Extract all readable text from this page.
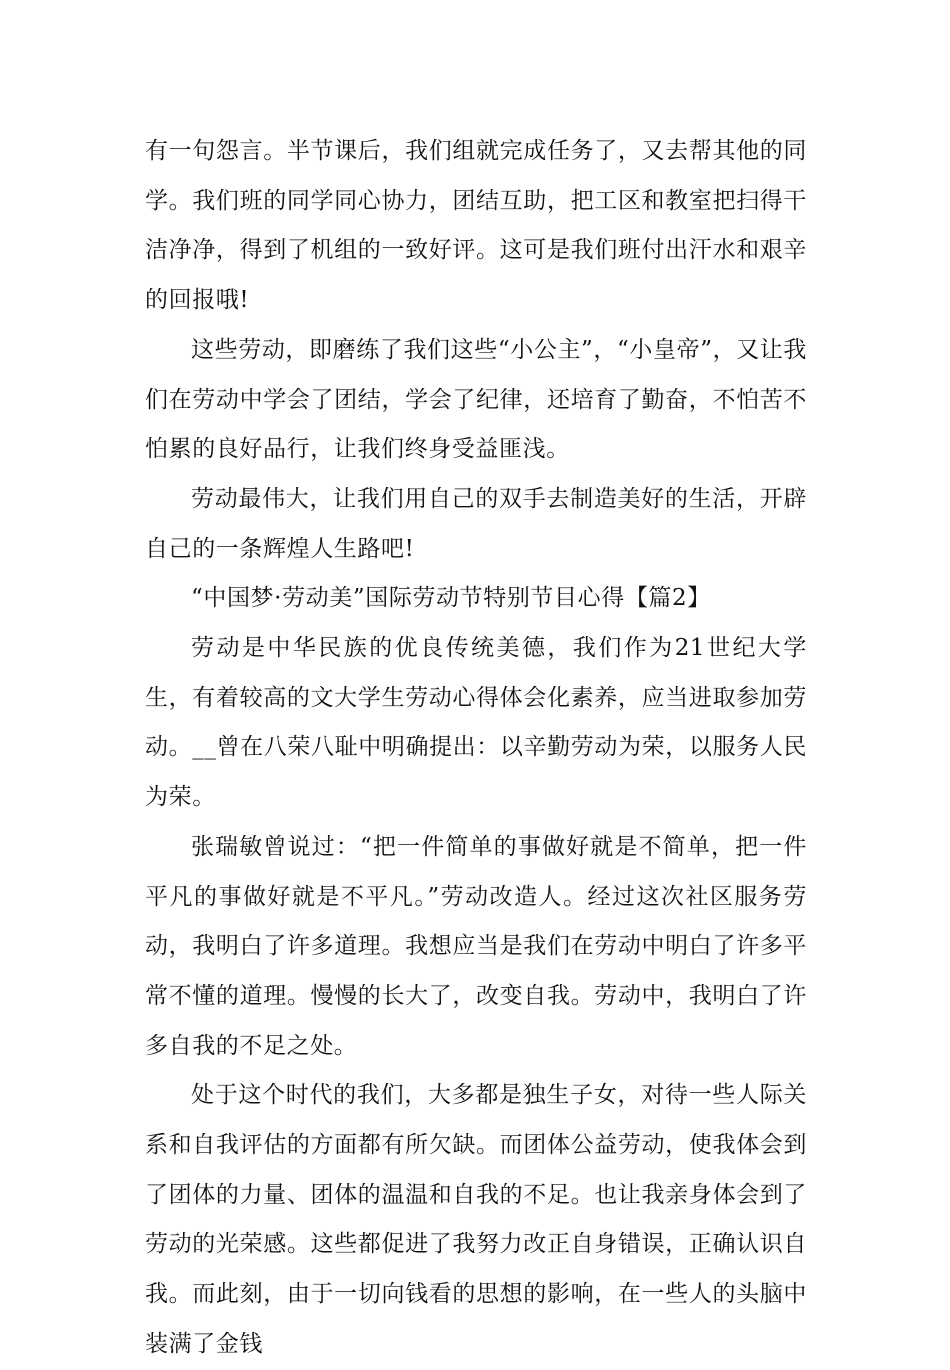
有一句怨言。半节课后，我们组就完成任务了，又去帮其他的同学。我们班的同学同心协力，团结互助，把工区和教室把扫得干洁净净，得到了机组的一致好评。这可是我们班付出汗水和艰辛的回报哦!

这些劳动，即磨练了我们这些“小公主”，“小皇帝”，又让我们在劳动中学会了团结，学会了纪律，还培育了勤奋，不怕苦不怕累的良好品行，让我们终身受益匪浅。

劳动最伟大，让我们用自己的双手去制造美好的生活，开辟自己的一条辉煌人生路吧!

“中国梦·劳动美”国际劳动节特别节目心得【篇2】

劳动是中华民族的优良传统美德，我们作为21世纪大学生，有着较高的文大学生劳动心得体会化素养，应当进取参加劳动。__曾在八荣八耻中明确提出：以辛勤劳动为荣，以服务人民为荣。

张瑞敏曾说过：“把一件简单的事做好就是不简单，把一件平凡的事做好就是不平凡。”劳动改造人。经过这次社区服务劳动，我明白了许多道理。我想应当是我们在劳动中明白了许多平常不懂的道理。慢慢的长大了，改变自我。劳动中，我明白了许多自我的不足之处。

处于这个时代的我们，大多都是独生子女，对待一些人际关系和自我评估的方面都有所欠缺。而团体公益劳动，使我体会到了团体的力量、团体的温温和自我的不足。也让我亲身体会到了劳动的光荣感。这些都促进了我努力改正自身错误，正确认识自我。而此刻，由于一切向钱看的思想的影响，在一些人的头脑中装满了金钱
